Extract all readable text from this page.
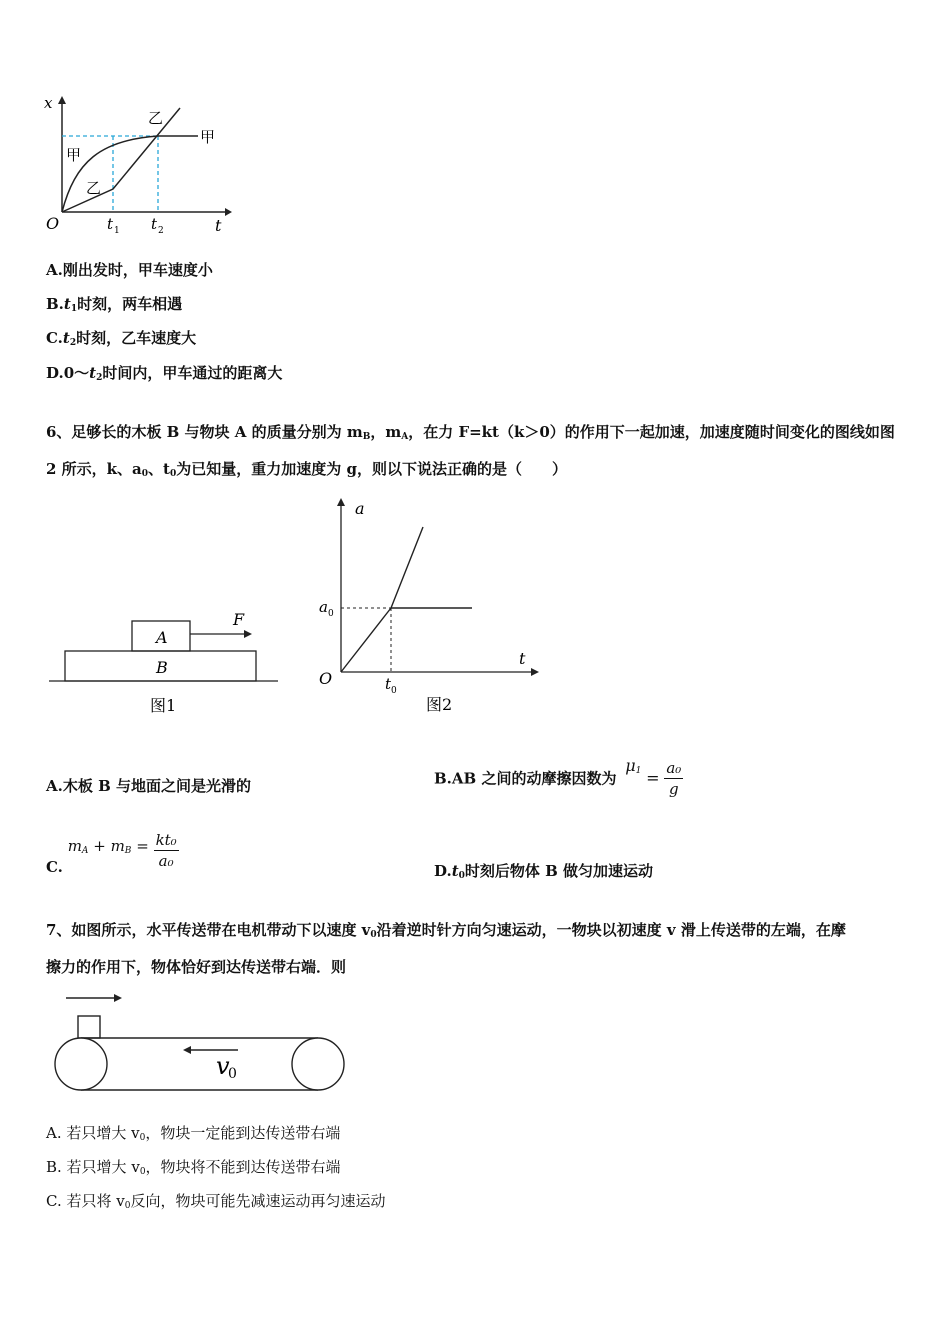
x
t
O
甲
甲
乙
乙
t 1 t 2
A.刚出发时，甲车速度小
$B.t_1$时刻，两车相遇
$C.t_2$时刻，乙车速度大
$D.0\sim t_2$时间内，甲车通过的距离大
6、足够长的木板 B 与物块 A 的质量分别为 $m_B$，$m_A$，在力 F=kt（k＞0）的作用下一起加速，加速度随时间变化的图线如图
2 所示，k、$a_0$、$t_0$为已知量，重力加速度为 g，则以下说法正确的是（　　）
A
B
F
图1
a
t
O
a 0
t 0
图2
A.木板 B 与地面之间是光滑的	B.AB 之间的动摩擦因数为 $\mu_1 = \frac{\text{a₀}}{g}$
C. $m_A + m_B = \frac{\text{kt₀}}{\text{a₀}}$	$D.t_0$时刻后物体 B 做匀加速运动
7、如图所示，水平传送带在电机带动下以速度 $v_0$沿着逆时针方向匀速运动，一物块以初速度 v 滑上传送带的左端，在摩
擦力的作用下，物体恰好到达传送带右端．则
v
0
A. 若只增大 $v_0$，物块一定能到达传送带右端
B. 若只增大 $v_0$，物块将不能到达传送带右端
C. 若只将 $v_0$反向，物块可能先减速运动再匀速运动
